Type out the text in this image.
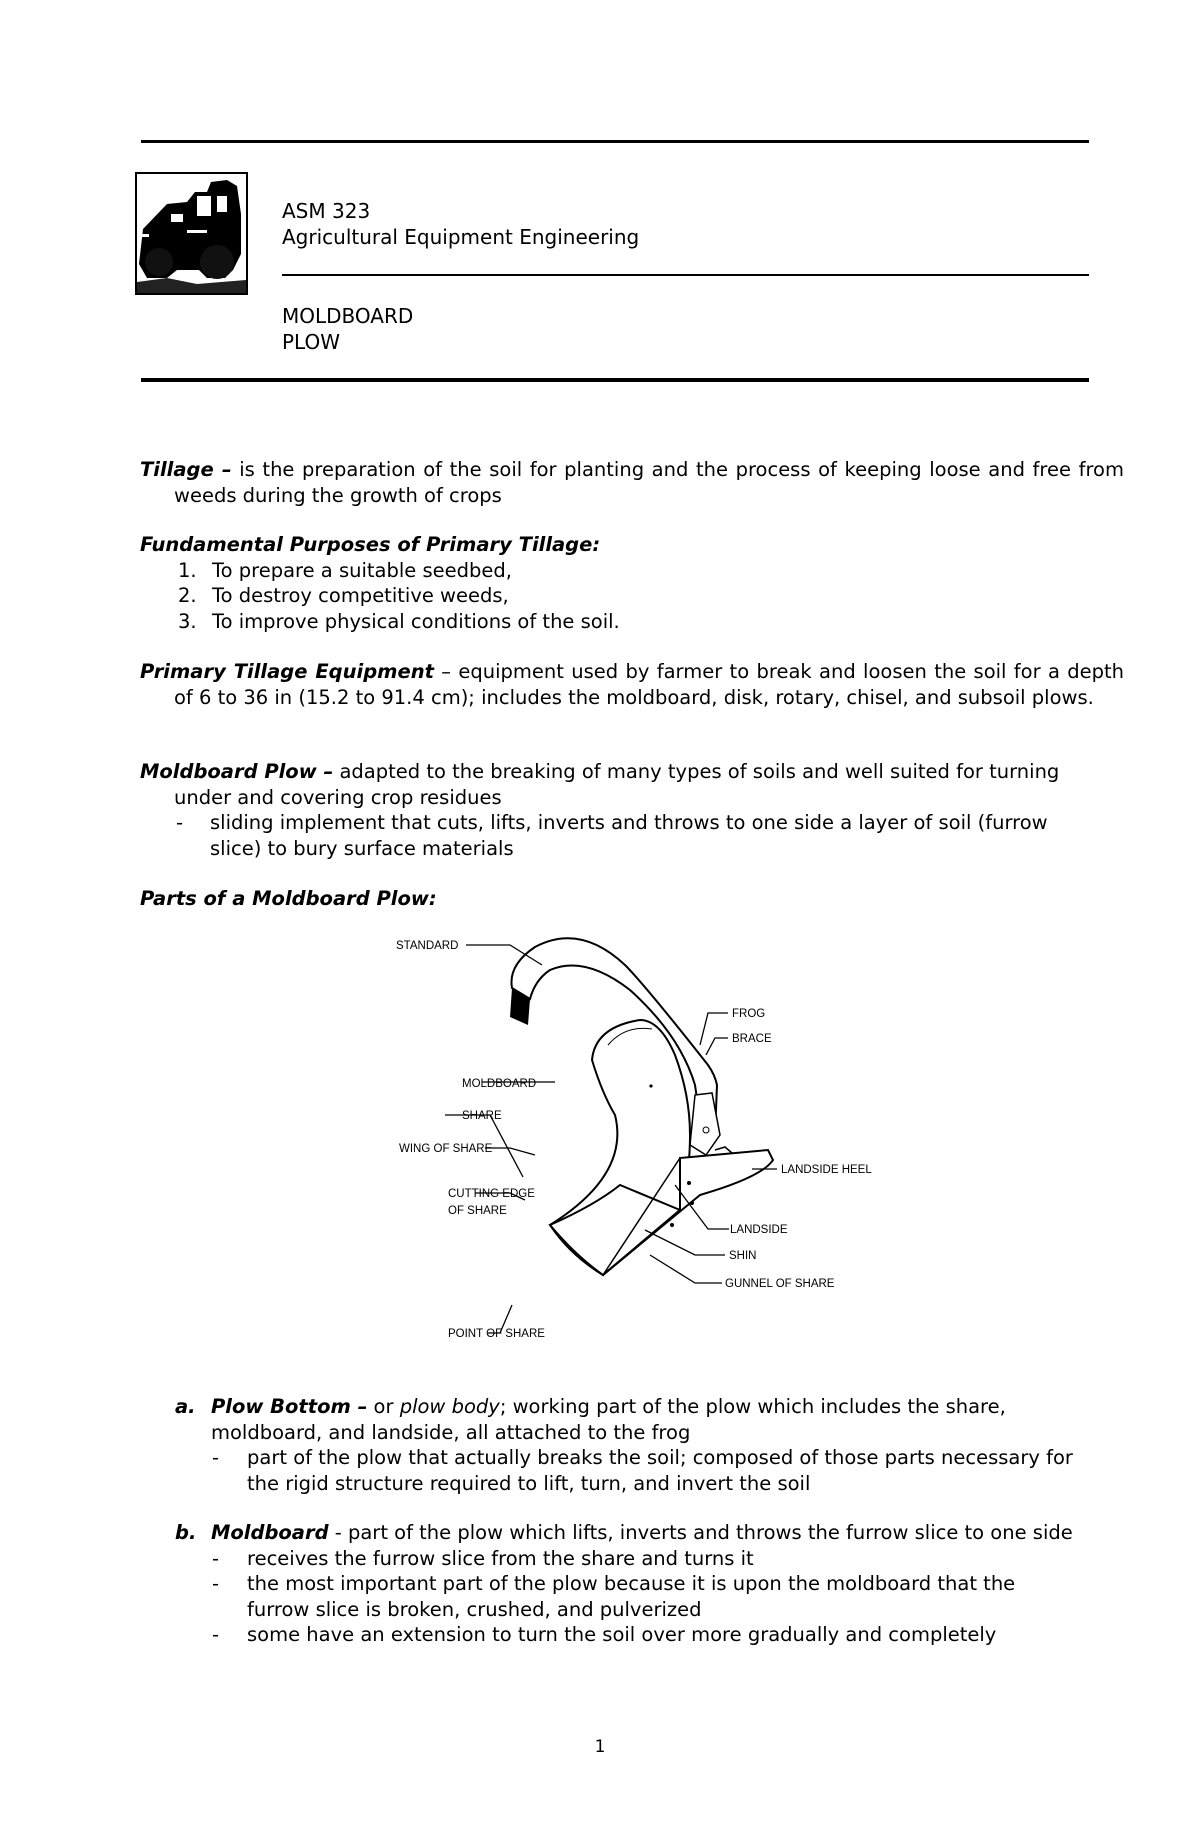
ASM 323
Agricultural Equipment Engineering
MOLDBOARD
PLOW
Tillage – is the preparation of the soil for planting and the process of keeping loose and free from weeds during the growth of crops

Fundamental Purposes of Primary Tillage:

1. To prepare a suitable seedbed,
2. To destroy competitive weeds,
3. To improve physical conditions of the soil.
Primary Tillage Equipment – equipment used by farmer to break and loosen the soil for a depth of 6 to 36 in (15.2 to 91.4 cm); includes the moldboard, disk, rotary, chisel, and subsoil plows.

Moldboard Plow – adapted to the breaking of many types of soils and well suited for turning under and covering crop residues

- sliding implement that cuts, lifts, inverts and throws to one side a layer of soil (furrow slice) to bury surface materials
Parts of a Moldboard Plow:
STANDARD
FROG
BRACE
MOLDBOARD
SHARE
LANDSIDE HEEL
WING OF SHARE
LANDSIDE
CUTTING EDGE
OF SHARE
SHIN
GUNNEL OF SHARE
POINT OF SHARE
a. Plow Bottom – or plow body; working part of the plow which includes the share, moldboard, and landside, all attached to the frog
-	part of the plow that actually breaks the soil; composed of those parts necessary for the rigid structure required to lift, turn, and invert the soil
b. Moldboard - part of the plow which lifts, inverts and throws the furrow slice to one side
-	receives the furrow slice from the share and turns it
-	the most important part of the plow because it is upon the moldboard that the furrow slice is broken, crushed, and pulverized
-	some have an extension to turn the soil over more gradually and completely
1
